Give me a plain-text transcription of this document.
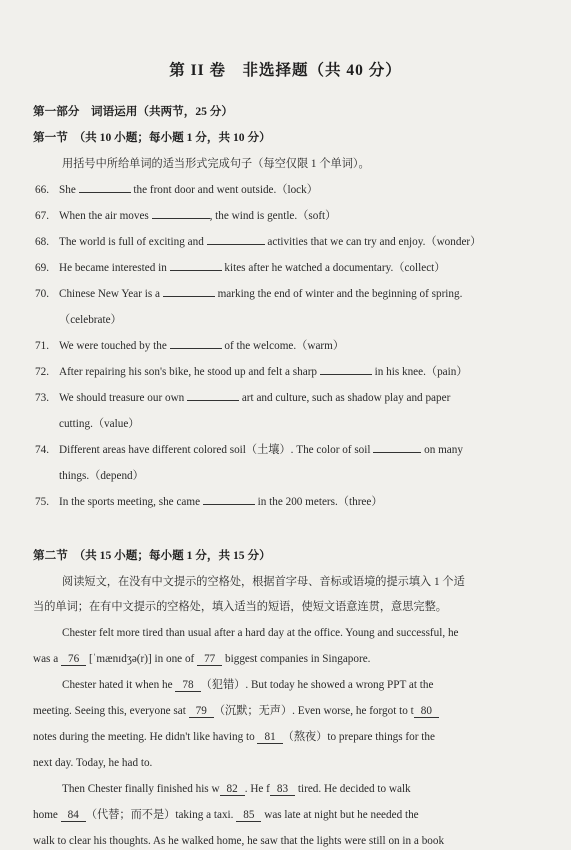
第 II 卷　非选择题（共 40 分）
第一部分　词语运用（共两节，25 分）
第一节　（共 10 小题；每小题 1 分，共 10 分）
用括号中所给单词的适当形式完成句子（每空仅限 1 个单词）。
66. She	the front door and went outside.（lock）
67. When the air moves	, the wind is gentle.（soft）
68. The world is full of exciting and	activities that we can try and enjoy.（wonder）
69. He became interested in	kites after he watched a documentary.（collect）
70. Chinese New Year is a	marking the end of winter and the beginning of spring.
（celebrate）
71. We were touched by the	of the welcome.（warm）
72. After repairing his son's bike, he stood up and felt a sharp	in his knee.（pain）
73. We should treasure our own	art and culture, such as shadow play and paper
cutting.（value）
74. Different areas have different colored soil（土壤）. The color of soil	on many
things.（depend）
75. In the sports meeting, she came	in the 200 meters.（three）
第二节　（共 15 小题；每小题 1 分，共 15 分）
阅读短文，在没有中文提示的空格处，根据首字母、音标或语境的提示填入 1 个适
当的单词；在有中文提示的空格处，填入适当的短语，使短文语意连贯，意思完整。
Chester felt more tired than usual after a hard day at the office. Young and successful, he
was a 76 [ˈmænɪdʒə(r)] in one of 77 biggest companies in Singapore.
Chester hated it when he 78 （犯错）. But today he showed a wrong PPT at the
meeting. Seeing this, everyone sat 79 （沉默；无声）. Even worse, he forgot to t 80
notes during the meeting. He didn't like having to 81 （熬夜）to prepare things for the
next day. Today, he had to.
Then Chester finally finished his w 82 . He f 83 tired. He decided to walk
home 84 （代替；而不是）taking a taxi. 85 was late at night but he needed the
walk to clear his thoughts. As he walked home, he saw that the lights were still on in a book
